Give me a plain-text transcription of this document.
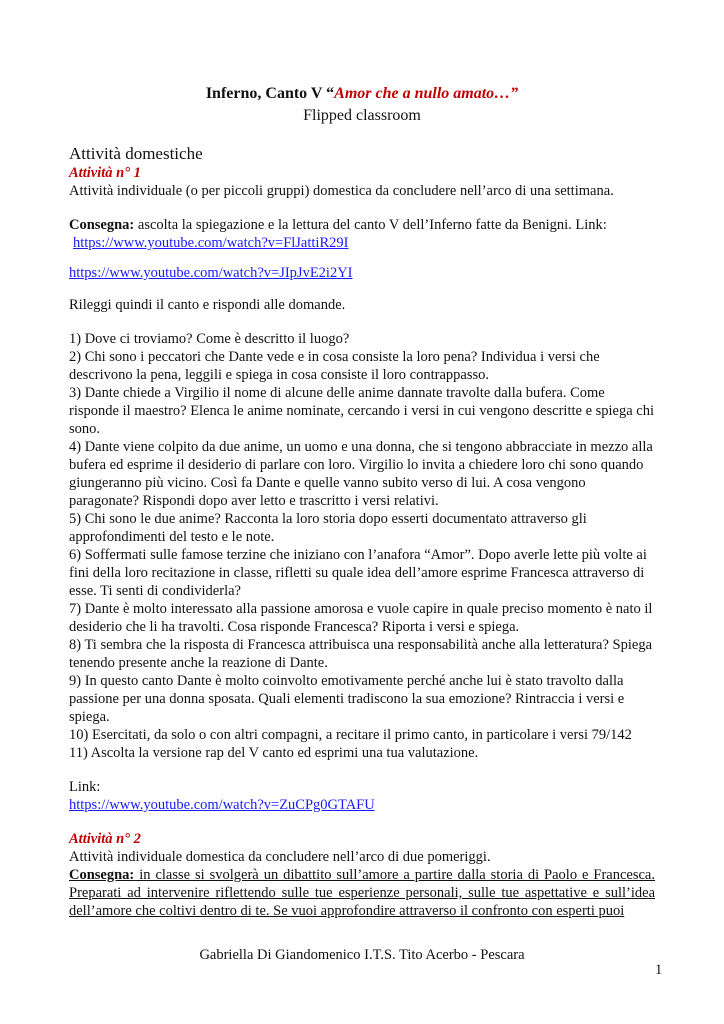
Inferno, Canto V “Amor che a nullo amato…”
Flipped classroom
Attività domestiche
Attività n° 1
Attività individuale (o per piccoli gruppi) domestica da concludere nell’arco di una settimana.
Consegna: ascolta la spiegazione e la lettura del canto V dell’Inferno fatte da Benigni. Link:
https://www.youtube.com/watch?v=FlJattiR29I
https://www.youtube.com/watch?v=JIpJvE2i2YI
Rileggi quindi il canto e rispondi alle domande.

1) Dove ci troviamo? Come è descritto il luogo?

2) Chi sono i peccatori che Dante vede e in cosa consiste la loro pena? Individua i versi che descrivono la pena, leggili e spiega in cosa consiste il loro contrappasso.

3) Dante chiede a Virgilio il nome di alcune delle anime dannate travolte dalla bufera. Come risponde il maestro? Elenca le anime nominate, cercando i versi in cui vengono descritte e spiega chi sono.

4) Dante viene colpito da due anime, un uomo e una donna, che si tengono abbracciate in mezzo alla bufera ed esprime il desiderio di parlare con loro. Virgilio lo invita a chiedere loro chi sono quando giungeranno più vicino. Così fa Dante e quelle vanno subito verso di lui. A cosa vengono paragonate? Rispondi dopo aver letto e trascritto i versi relativi.

5) Chi sono le due anime? Racconta la loro storia dopo esserti documentato attraverso gli approfondimenti del testo e le note.

6) Soffermati sulle famose terzine che iniziano con l’anafora “Amor”. Dopo averle lette più volte ai fini della loro recitazione in classe, rifletti su quale idea dell’amore esprime Francesca attraverso di esse. Ti senti di condividerla?

7) Dante è molto interessato alla passione amorosa e vuole capire in quale preciso momento è nato il desiderio che li ha travolti. Cosa risponde Francesca? Riporta i versi e spiega.

8) Ti sembra che la risposta di Francesca attribuisca una responsabilità anche alla letteratura? Spiega tenendo presente anche la reazione di Dante.

9) In questo canto Dante è molto coinvolto emotivamente perché anche lui è stato travolto dalla passione per una donna sposata. Quali elementi tradiscono la sua emozione? Rintraccia i versi e spiega.

10) Esercitati, da solo o con altri compagni, a recitare il primo canto, in particolare i versi 79/142

11) Ascolta la versione rap del V canto ed esprimi una tua valutazione.

Link:
https://www.youtube.com/watch?v=ZuCPg0GTAFU
Attività n° 2
Attività individuale domestica da concludere nell’arco di due pomeriggi.
Consegna: in classe si svolgerà un dibattito sull’amore a partire dalla storia di Paolo e Francesca. Preparati ad intervenire riflettendo sulle tue esperienze personali, sulle tue aspettative e sull’idea dell’amore che coltivi dentro di te. Se vuoi approfondire attraverso il confronto con esperti puoi
Gabriella Di Giandomenico I.T.S. Tito Acerbo - Pescara
1
